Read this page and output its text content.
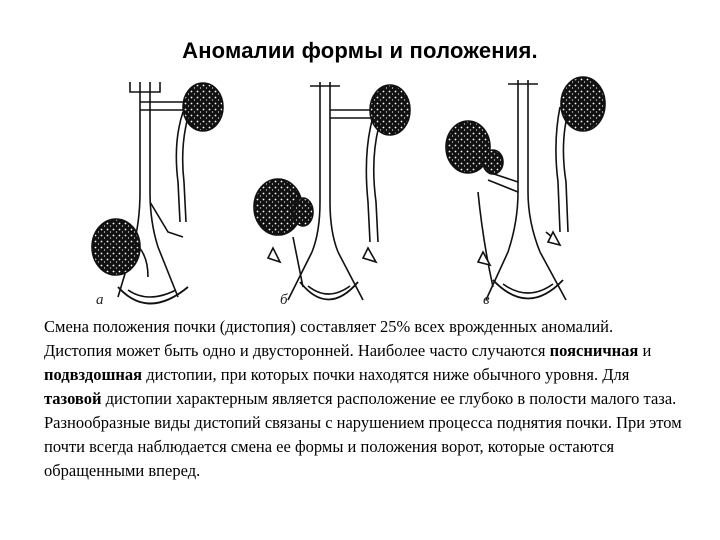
Аномалии формы и положения.
а	б	в
Смена положения почки (дистопия) составляет 25% всех врожденных аномалий. Дистопия может быть одно и двусторонней. Наиболее часто случаются поясничная и подвздошная дистопии, при которых почки находятся ниже обычного уровня. Для тазовой дистопии характерным является расположение ее глубоко в полости малого таза. Разнообразные виды дистопий связаны с нарушением процесса поднятия почки. При этом почти всегда наблюдается смена ее формы и положения ворот, которые остаются обращенными вперед.
